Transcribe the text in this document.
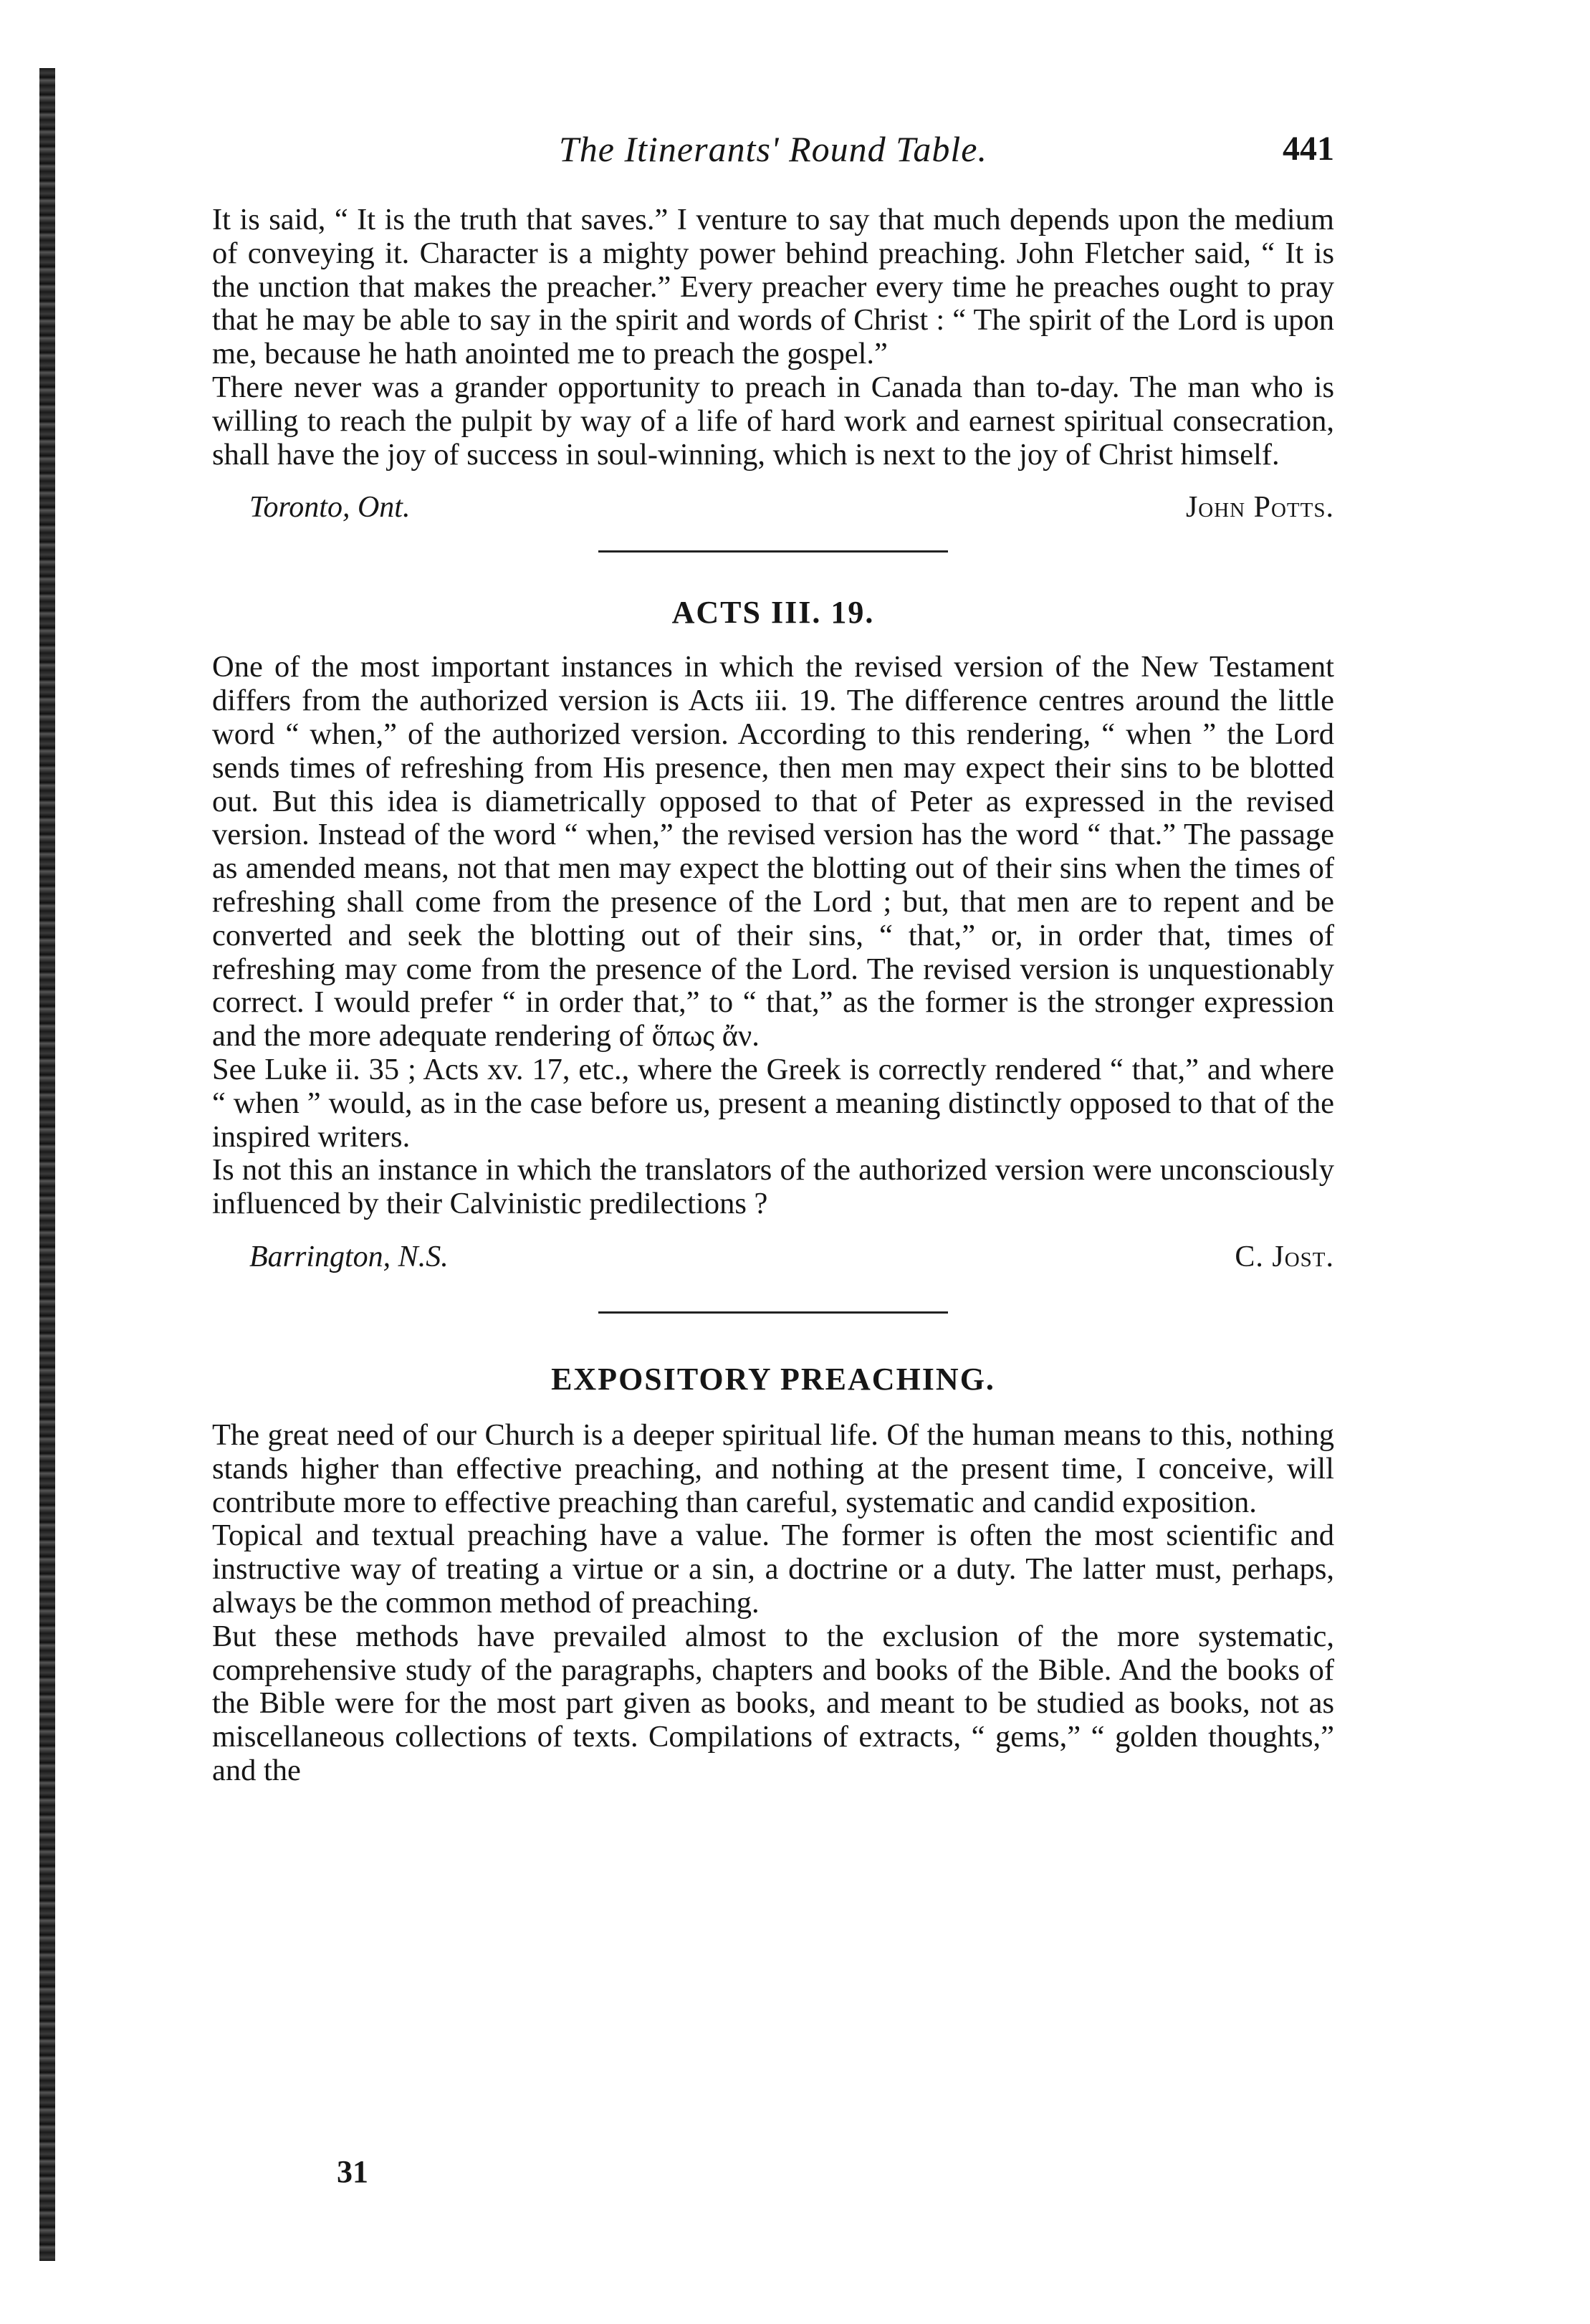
The Itinerants' Round Table.	441

It is said, “ It is the truth that saves.” I venture to say that much depends upon the medium of conveying it. Character is a mighty power behind preaching. John Fletcher said, “ It is the unction that makes the preacher.” Every preacher every time he preaches ought to pray that he may be able to say in the spirit and words of Christ : “ The spirit of the Lord is upon me, because he hath anointed me to preach the gospel.”

There never was a grander opportunity to preach in Canada than to-day. The man who is willing to reach the pulpit by way of a life of hard work and earnest spiritual consecration, shall have the joy of success in soul-winning, which is next to the joy of Christ himself.

Toronto, Ont.	John Potts.
ACTS III. 19.

One of the most important instances in which the revised version of the New Testament differs from the authorized version is Acts iii. 19. The difference centres around the little word “ when,” of the authorized version. According to this rendering, “ when ” the Lord sends times of refreshing from His presence, then men may expect their sins to be blotted out. But this idea is diametrically opposed to that of Peter as expressed in the revised version. Instead of the word “ when,” the revised version has the word “ that.” The passage as amended means, not that men may expect the blotting out of their sins when the times of refreshing shall come from the presence of the Lord ; but, that men are to repent and be converted and seek the blotting out of their sins, “ that,” or, in order that, times of refreshing may come from the presence of the Lord. The revised version is unquestionably correct. I would prefer “ in order that,” to “ that,” as the former is the stronger expression and the more adequate rendering of ὅπως ἄν.

See Luke ii. 35 ; Acts xv. 17, etc., where the Greek is correctly rendered “ that,” and where “ when ” would, as in the case before us, present a meaning distinctly opposed to that of the inspired writers.

Is not this an instance in which the translators of the authorized version were unconsciously influenced by their Calvinistic predilections ?

Barrington, N.S.	C. Jost.
EXPOSITORY PREACHING.

The great need of our Church is a deeper spiritual life. Of the human means to this, nothing stands higher than effective preaching, and nothing at the present time, I conceive, will contribute more to effective preaching than careful, systematic and candid exposition.

Topical and textual preaching have a value. The former is often the most scientific and instructive way of treating a virtue or a sin, a doctrine or a duty. The latter must, perhaps, always be the common method of preaching.

But these methods have prevailed almost to the exclusion of the more systematic, comprehensive study of the paragraphs, chapters and books of the Bible. And the books of the Bible were for the most part given as books, and meant to be studied as books, not as miscellaneous collections of texts. Compilations of extracts, “ gems,” “ golden thoughts,” and the

31
